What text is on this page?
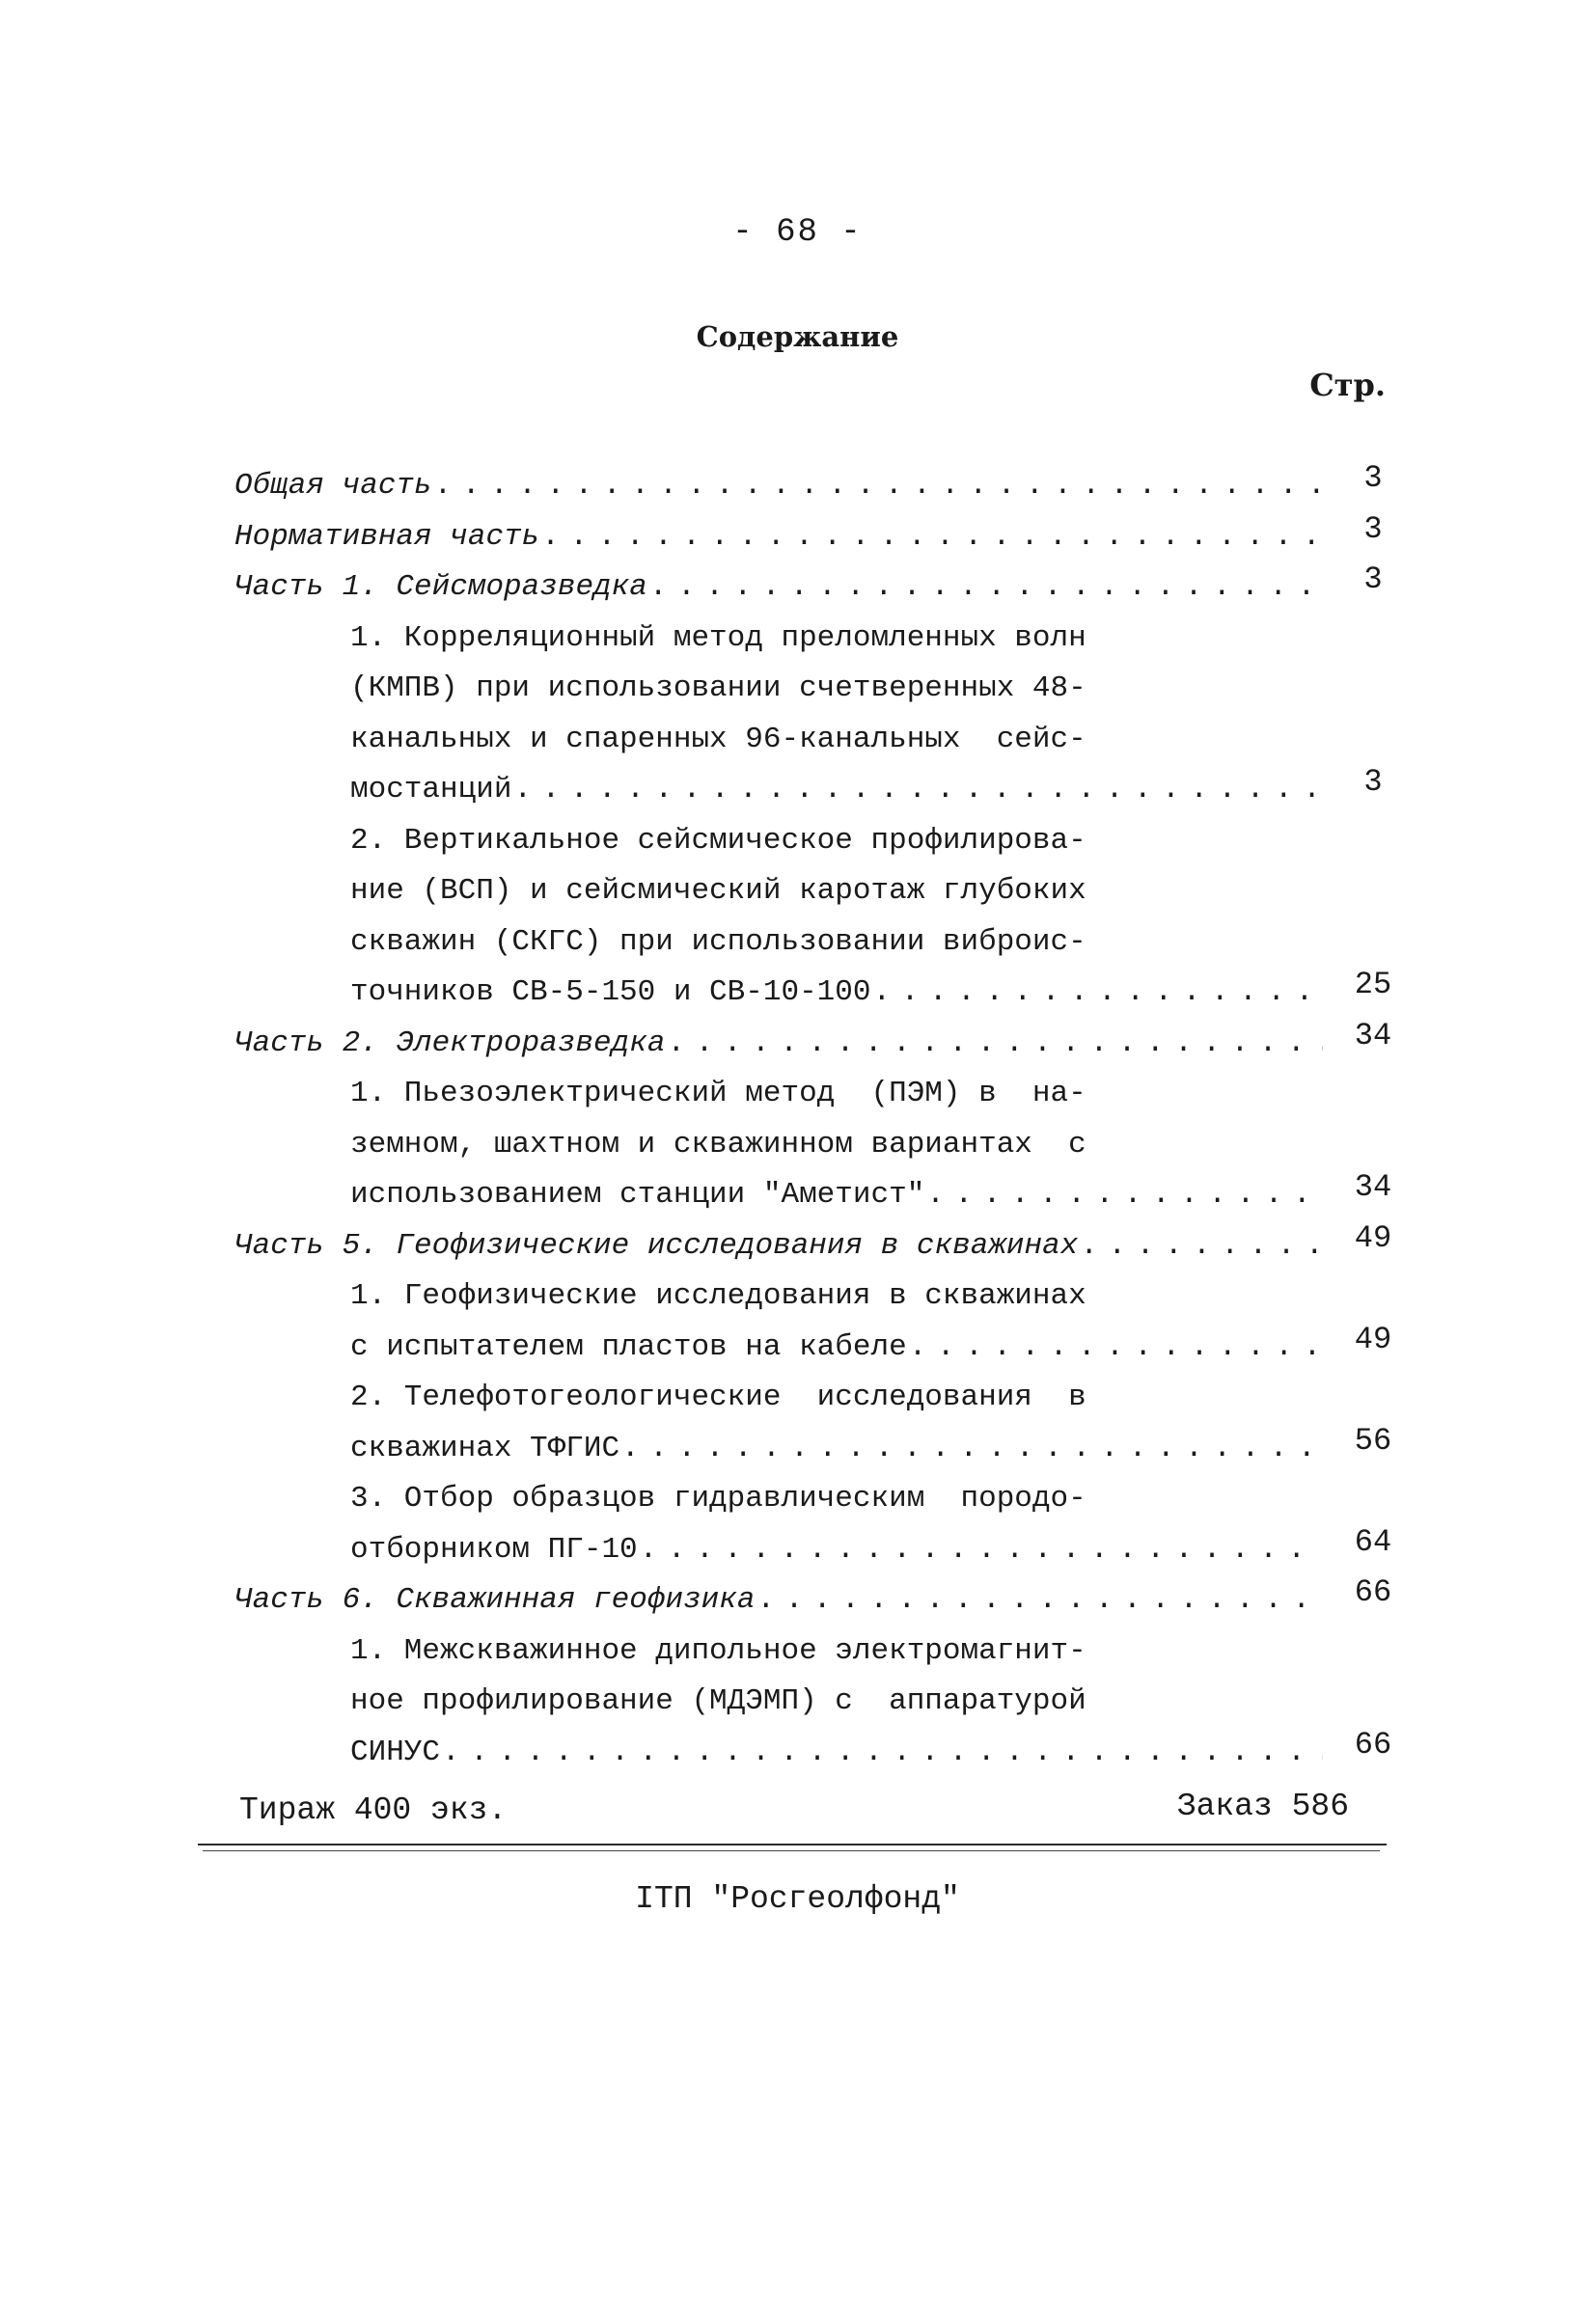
- 68 -
Содержание
Стр.
Общая часть . . .	3
Нормативная часть . . .	3
Часть 1. Сейсморазведка . . .	3
1. Корреляционный метод преломленных волн
(КМПВ) при использовании счетверенных 48-
канальных и спаренных 96-канальных  сейс-
мостанций . . .	3
2. Вертикальное сейсмическое профилирова-
ние (ВСП) и сейсмический каротаж глубоких
скважин (СКГС) при использовании виброис-
точников СВ-5-150 и СВ-10-100 . . .	25
Часть 2. Электроразведка . . .	34
1. Пьезоэлектрический метод  (ПЭМ) в  на-
земном, шахтном и скважинном вариантах  с
использованием станции "Аметист" . . .	34
Часть 5. Геофизические исследования в скважинах . . .	49
1. Геофизические исследования в скважинах
с испытателем пластов на кабеле . . .	49
2. Телефотогеологические  исследования  в
скважинах ТФГИС . . .	56
3. Отбор образцов гидравлическим  породо-
отборником ПГ-10 . . .	64
Часть 6. Скважинная геофизика . . .	66
1. Межскважинное дипольное электромагнит-
ное профилирование (МДЭМП) с  аппаратурой
СИНУС . . .	66
Тираж 400 экз.	Заказ 586
ІТП "Росгеолфонд"
